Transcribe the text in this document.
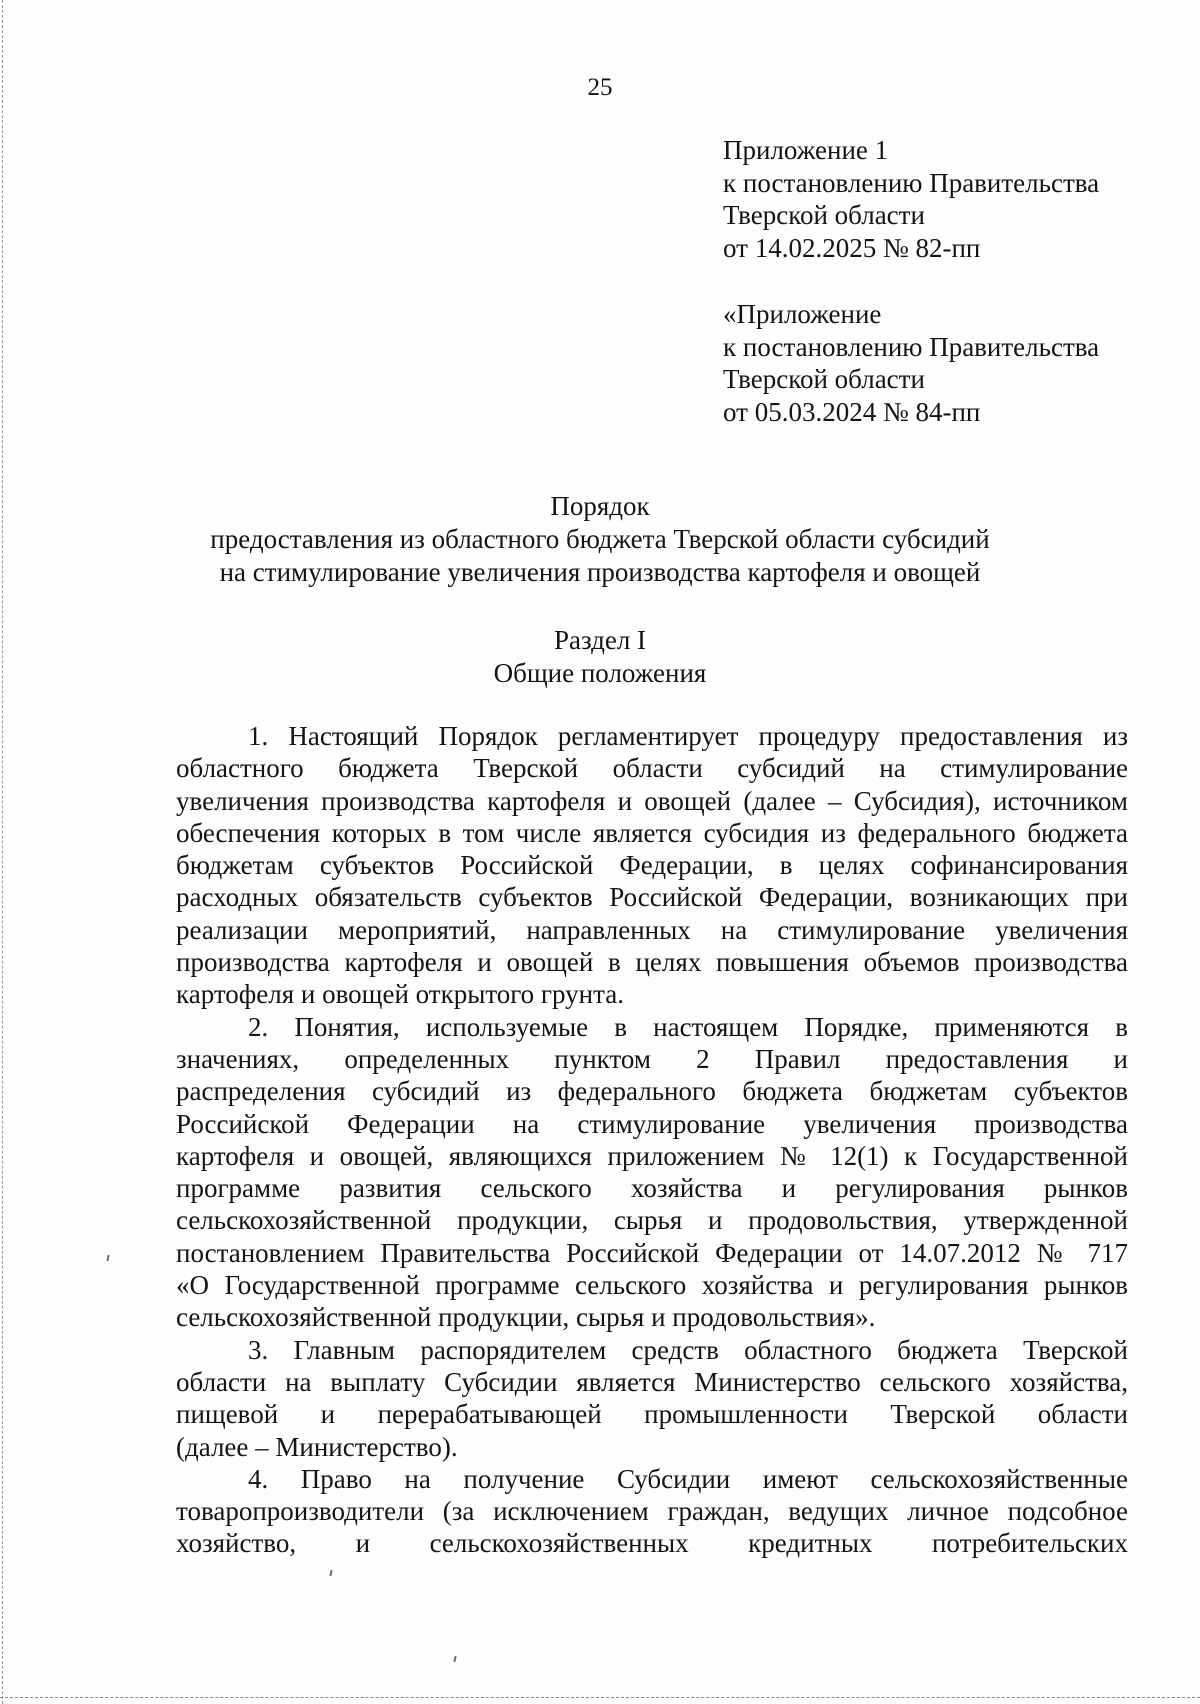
25
Приложение 1
к постановлению Правительства
Тверской области
от 14.02.2025 № 82-пп
«Приложение
к постановлению Правительства
Тверской области
от 05.03.2024 № 84-пп
Порядок
предоставления из областного бюджета Тверской области субсидий
на стимулирование увеличения производства картофеля и овощей
Раздел I
Общие положения
1. Настоящий Порядок регламентирует процедуру предоставления из
областного бюджета Тверской области субсидий на стимулирование
увеличения производства картофеля и овощей (далее – Субсидия), источником
обеспечения которых в том числе является субсидия из федерального бюджета
бюджетам субъектов Российской Федерации, в целях софинансирования
расходных обязательств субъектов Российской Федерации, возникающих при
реализации мероприятий, направленных на стимулирование увеличения
производства картофеля и овощей в целях повышения объемов производства
картофеля и овощей открытого грунта.
2. Понятия, используемые в настоящем Порядке, применяются в
значениях, определенных пунктом 2 Правил предоставления и
распределения субсидий из федерального бюджета бюджетам субъектов
Российской Федерации на стимулирование увеличения производства
картофеля и овощей, являющихся приложением № 12(1) к Государственной
программе развития сельского хозяйства и регулирования рынков
сельскохозяйственной продукции, сырья и продовольствия, утвержденной
постановлением Правительства Российской Федерации от 14.07.2012 № 717
«О Государственной программе сельского хозяйства и регулирования рынков
сельскохозяйственной продукции, сырья и продовольствия».
3. Главным распорядителем средств областного бюджета Тверской
области на выплату Субсидии является Министерство сельского хозяйства,
пищевой и перерабатывающей промышленности Тверской области
(далее – Министерство).
4. Право на получение Субсидии имеют сельскохозяйственные
товаропроизводители (за исключением граждан, ведущих личное подсобное
хозяйство, и сельскохозяйственных кредитных потребительских
